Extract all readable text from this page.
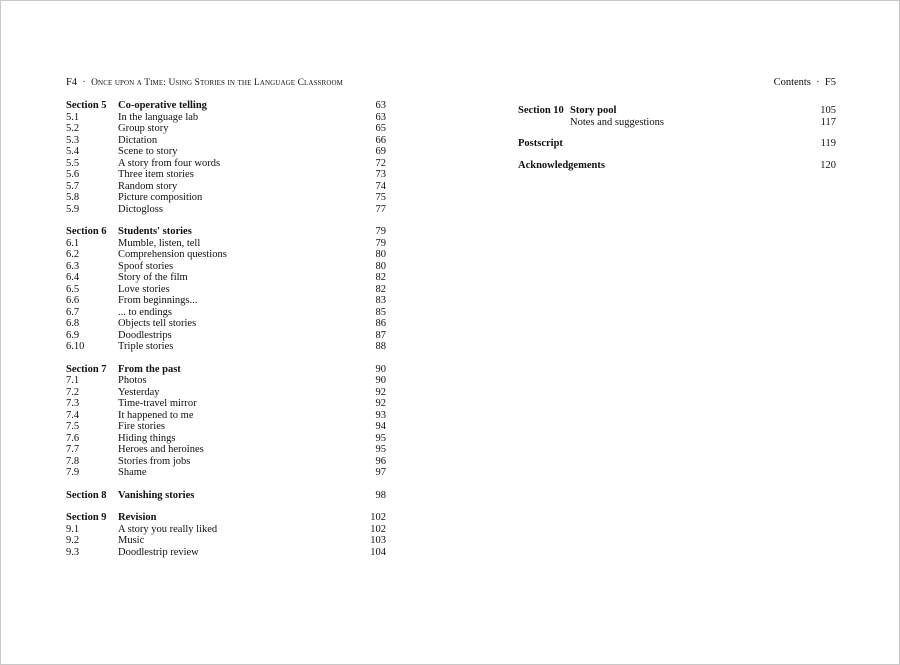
F4 · Once upon a Time: Using Stories in the Language Classroom	Contents · F5
Section 5 Co-operative telling	63
5.1	In the language lab	63
5.2	Group story	65
5.3	Dictation	66
5.4	Scene to story	69
5.5	A story from four words	72
5.6	Three item stories	73
5.7	Random story	74
5.8	Picture composition	75
5.9	Dictogloss	77
Section 6 Students' stories	79
6.1	Mumble, listen, tell	79
6.2	Comprehension questions	80
6.3	Spoof stories	80
6.4	Story of the film	82
6.5	Love stories	82
6.6	From beginnings...	83
6.7	... to endings	85
6.8	Objects tell stories	86
6.9	Doodlestrips	87
6.10	Triple stories	88
Section 7 From the past	90
7.1	Photos	90
7.2	Yesterday	92
7.3	Time-travel mirror	92
7.4	It happened to me	93
7.5	Fire stories	94
7.6	Hiding things	95
7.7	Heroes and heroines	95
7.8	Stories from jobs	96
7.9	Shame	97
Section 8 Vanishing stories	98
Section 9 Revision	102
9.1	A story you really liked	102
9.2	Music	103
9.3	Doodlestrip review	104
Section 10 Story pool	105
Notes and suggestions	117
Postscript	119
Acknowledgements	120
